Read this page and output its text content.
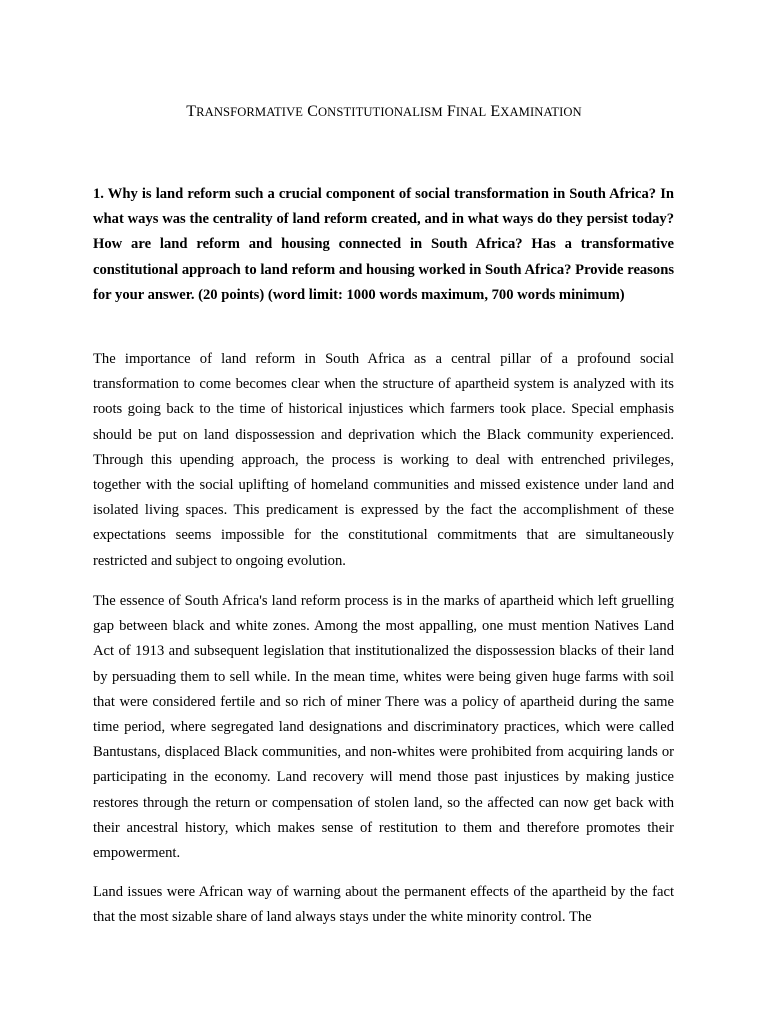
TRANSFORMATIVE CONSTITUTIONALISM FINAL EXAMINATION

1. Why is land reform such a crucial component of social transformation in South Africa? In what ways was the centrality of land reform created, and in what ways do they persist today? How are land reform and housing connected in South Africa? Has a transformative constitutional approach to land reform and housing worked in South Africa? Provide reasons for your answer. (20 points) (word limit: 1000 words maximum, 700 words minimum)

The importance of land reform in South Africa as a central pillar of a profound social transformation to come becomes clear when the structure of apartheid system is analyzed with its roots going back to the time of historical injustices which farmers took place. Special emphasis should be put on land dispossession and deprivation which the Black community experienced. Through this upending approach, the process is working to deal with entrenched privileges, together with the social uplifting of homeland communities and missed existence under land and isolated living spaces. This predicament is expressed by the fact the accomplishment of these expectations seems impossible for the constitutional commitments that are simultaneously restricted and subject to ongoing evolution.

The essence of South Africa's land reform process is in the marks of apartheid which left gruelling gap between black and white zones. Among the most appalling, one must mention Natives Land Act of 1913 and subsequent legislation that institutionalized the dispossession blacks of their land by persuading them to sell while. In the mean time, whites were being given huge farms with soil that were considered fertile and so rich of miner There was a policy of apartheid during the same time period, where segregated land designations and discriminatory practices, which were called Bantustans, displaced Black communities, and non-whites were prohibited from acquiring lands or participating in the economy. Land recovery will mend those past injustices by making justice restores through the return or compensation of stolen land, so the affected can now get back with their ancestral history, which makes sense of restitution to them and therefore promotes their empowerment.

Land issues were African way of warning about the permanent effects of the apartheid by the fact that the most sizable share of land always stays under the white minority control. The
